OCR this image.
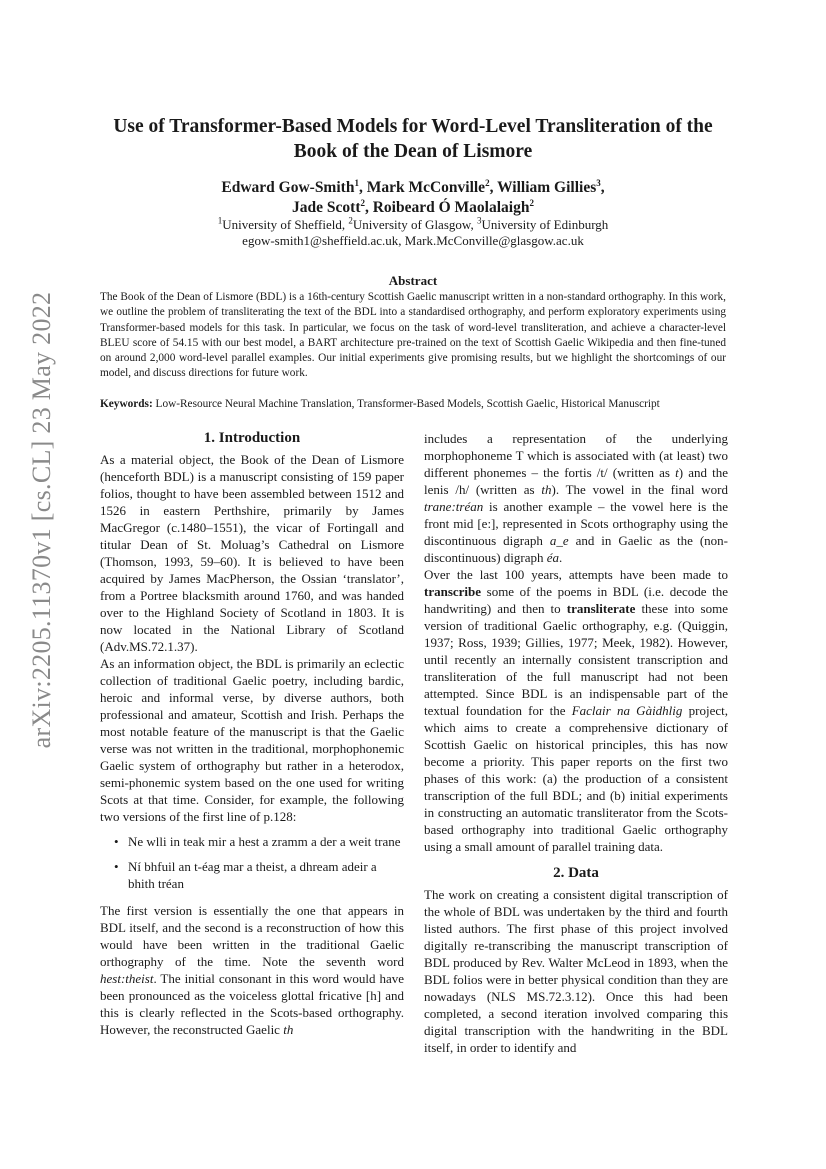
arXiv:2205.11370v1 [cs.CL] 23 May 2022
Use of Transformer-Based Models for Word-Level Transliteration of the Book of the Dean of Lismore
Edward Gow-Smith$^1$, Mark McConville$^2$, William Gillies$^3$,
Jade Scott$^2$, Roibeard Ó Maolalaigh$^2$
$^1$University of Sheffield, $^2$University of Glasgow, $^3$University of Edinburgh
egow-smith1@sheffield.ac.uk, Mark.McConville@glasgow.ac.uk
Abstract
The Book of the Dean of Lismore (BDL) is a 16th-century Scottish Gaelic manuscript written in a non-standard orthography. In this work, we outline the problem of transliterating the text of the BDL into a standardised orthography, and perform exploratory experiments using Transformer-based models for this task. In particular, we focus on the task of word-level transliteration, and achieve a character-level BLEU score of 54.15 with our best model, a BART architecture pre-trained on the text of Scottish Gaelic Wikipedia and then fine-tuned on around 2,000 word-level parallel examples. Our initial experiments give promising results, but we highlight the shortcomings of our model, and discuss directions for future work.
Keywords: Low-Resource Neural Machine Translation, Transformer-Based Models, Scottish Gaelic, Historical Manuscript
1. Introduction

As a material object, the Book of the Dean of Lismore (henceforth BDL) is a manuscript consisting of 159 paper folios, thought to have been assembled between 1512 and 1526 in eastern Perthshire, primarily by James MacGregor (c.1480–1551), the vicar of Fortingall and titular Dean of St. Moluag’s Cathedral on Lismore (Thomson, 1993, 59–60). It is believed to have been acquired by James MacPherson, the Ossian ‘translator’, from a Portree blacksmith around 1760, and was handed over to the Highland Society of Scotland in 1803. It is now located in the National Library of Scotland (Adv.MS.72.1.37).

As an information object, the BDL is primarily an eclectic collection of traditional Gaelic poetry, including bardic, heroic and informal verse, by diverse authors, both professional and amateur, Scottish and Irish. Perhaps the most notable feature of the manuscript is that the Gaelic verse was not written in the traditional, morphophonemic Gaelic system of orthography but rather in a heterodox, semi-phonemic system based on the one used for writing Scots at that time. Consider, for example, the following two versions of the first line of p.128:

• Ne wlli in teak mir a hest a zramm a der a weit trane
• Ní bhfuil an t-éag mar a theist, a dhream adeir a bhith tréan

The first version is essentially the one that appears in BDL itself, and the second is a reconstruction of how this would have been written in the traditional Gaelic orthography of the time. Note the seventh word hest:theist. The initial consonant in this word would have been pronounced as the voiceless glottal fricative [h] and this is clearly reflected in the Scots-based orthography. However, the reconstructed Gaelic th

includes a representation of the underlying morphophoneme T which is associated with (at least) two different phonemes – the fortis /t/ (written as t) and the lenis /h/ (written as th). The vowel in the final word trane:tréan is another example – the vowel here is the front mid [e:], represented in Scots orthography using the discontinuous digraph a_e and in Gaelic as the (non-discontinuous) digraph éa.

Over the last 100 years, attempts have been made to transcribe some of the poems in BDL (i.e. decode the handwriting) and then to transliterate these into some version of traditional Gaelic orthography, e.g. (Quiggin, 1937; Ross, 1939; Gillies, 1977; Meek, 1982). However, until recently an internally consistent transcription and transliteration of the full manuscript had not been attempted. Since BDL is an indispensable part of the textual foundation for the Faclair na Gàidhlig project, which aims to create a comprehensive dictionary of Scottish Gaelic on historical principles, this has now become a priority. This paper reports on the first two phases of this work: (a) the production of a consistent transcription of the full BDL; and (b) initial experiments in constructing an automatic transliterator from the Scots-based orthography into traditional Gaelic orthography using a small amount of parallel training data.

2. Data

The work on creating a consistent digital transcription of the whole of BDL was undertaken by the third and fourth listed authors. The first phase of this project involved digitally re-transcribing the manuscript transcription of BDL produced by Rev. Walter McLeod in 1893, when the BDL folios were in better physical condition than they are nowadays (NLS MS.72.3.12). Once this had been completed, a second iteration involved comparing this digital transcription with the handwriting in the BDL itself, in order to identify and
